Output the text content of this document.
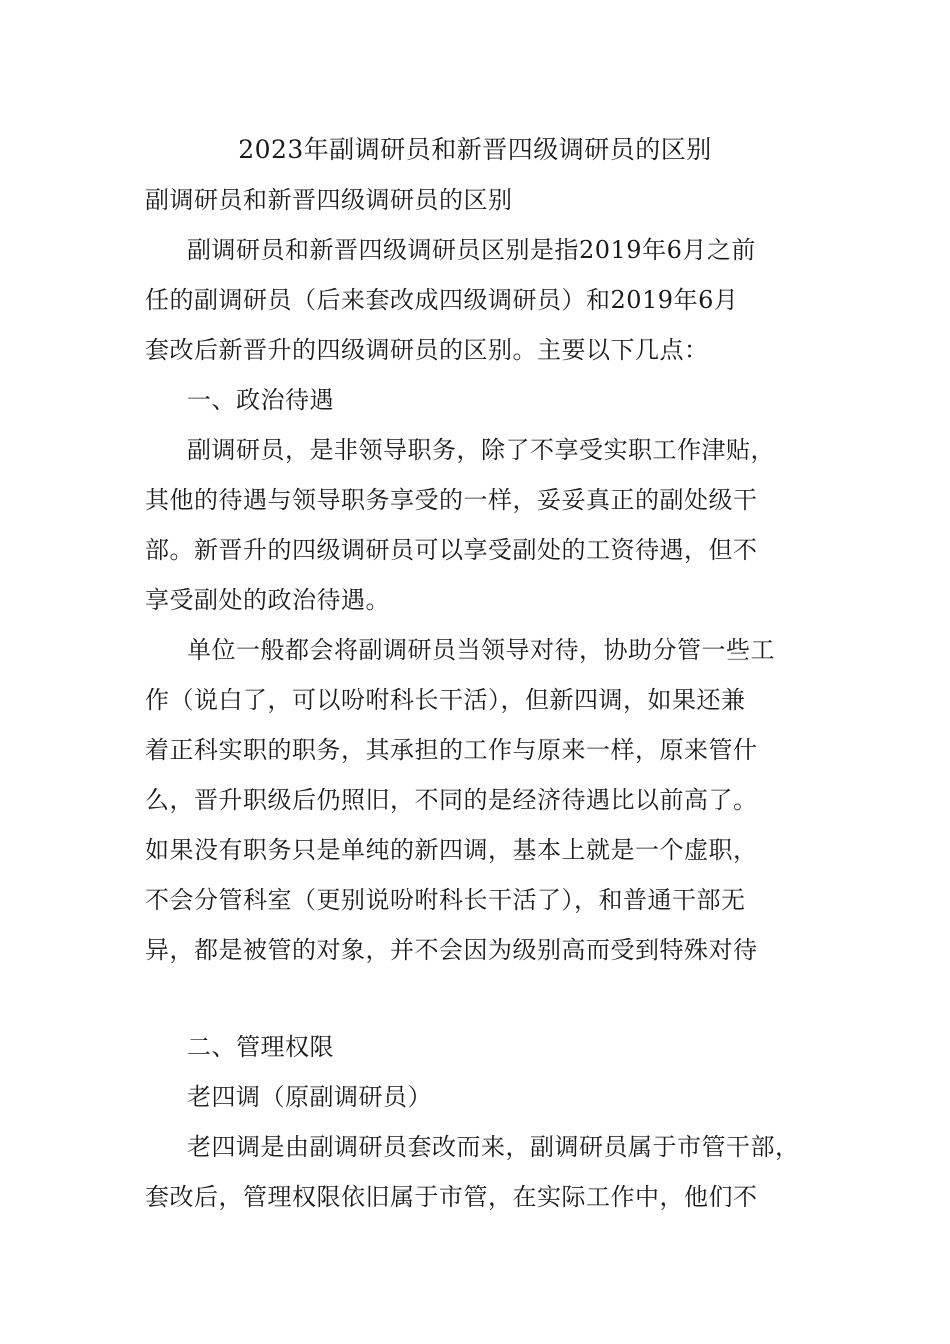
2023年副调研员和新晋四级调研员的区别
副调研员和新晋四级调研员的区别
副调研员和新晋四级调研员区别是指2019年6月之前
任的副调研员（后来套改成四级调研员）和2019年6月
套改后新晋升的四级调研员的区别。主要以下几点：
一、政治待遇
副调研员，是非领导职务，除了不享受实职工作津贴，
其他的待遇与领导职务享受的一样，妥妥真正的副处级干
部。新晋升的四级调研员可以享受副处的工资待遇，但不
享受副处的政治待遇。
单位一般都会将副调研员当领导对待，协助分管一些工
作（说白了，可以吩咐科长干活），但新四调，如果还兼
着正科实职的职务，其承担的工作与原来一样，原来管什
么，晋升职级后仍照旧，不同的是经济待遇比以前高了。
如果没有职务只是单纯的新四调，基本上就是一个虚职，
不会分管科室（更别说吩咐科长干活了），和普通干部无
异，都是被管的对象，并不会因为级别高而受到特殊对待
二、管理权限
老四调（原副调研员）
老四调是由副调研员套改而来，副调研员属于市管干部，
套改后，管理权限依旧属于市管，在实际工作中，他们不
